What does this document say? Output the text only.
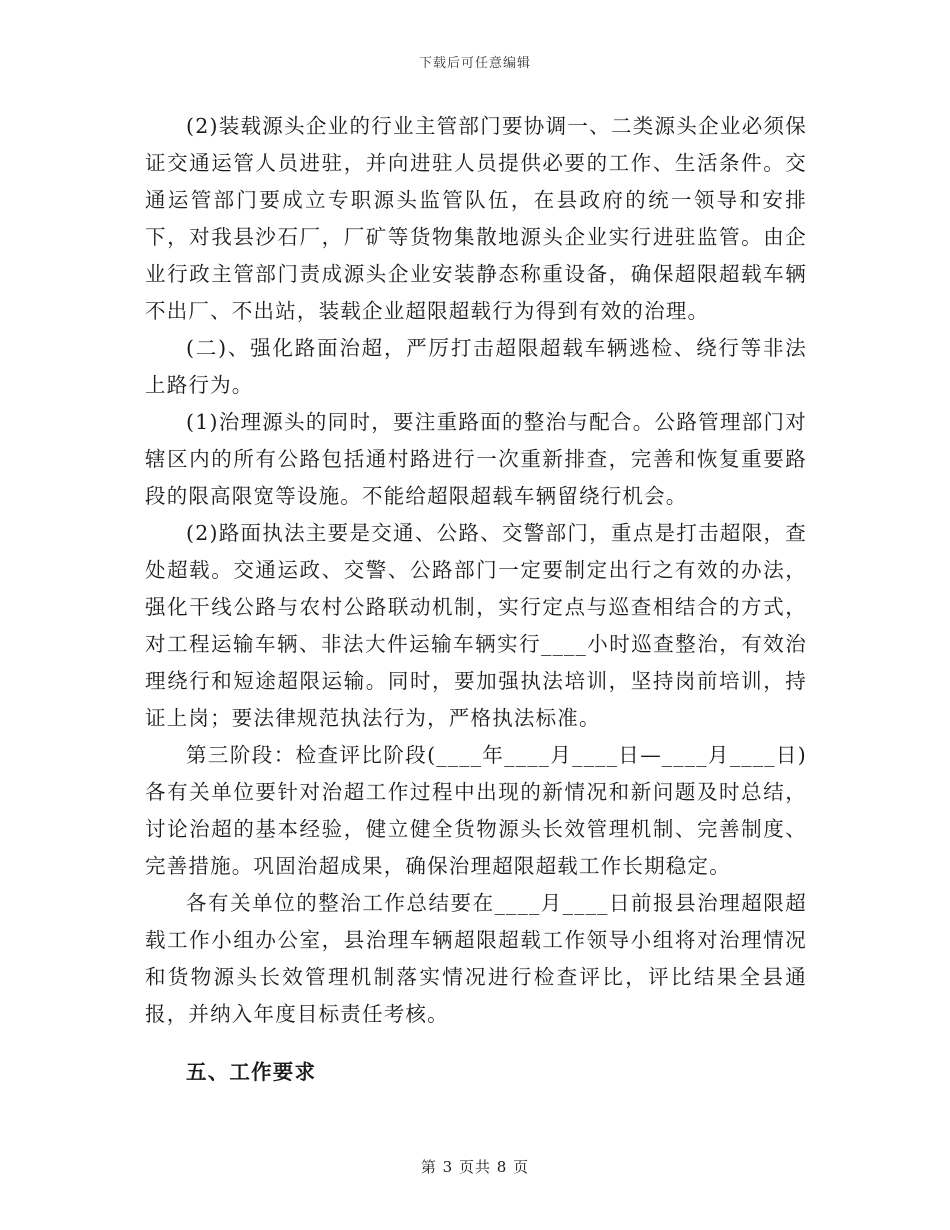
下载后可任意编辑

(2)装载源头企业的行业主管部门要协调一、二类源头企业必须保证交通运管人员进驻，并向进驻人员提供必要的工作、生活条件。交通运管部门要成立专职源头监管队伍，在县政府的统一领导和安排下，对我县沙石厂，厂矿等货物集散地源头企业实行进驻监管。由企业行政主管部门责成源头企业安装静态称重设备，确保超限超载车辆不出厂、不出站，装载企业超限超载行为得到有效的治理。

(二)、强化路面治超，严厉打击超限超载车辆逃检、绕行等非法上路行为。

(1)治理源头的同时，要注重路面的整治与配合。公路管理部门对辖区内的所有公路包括通村路进行一次重新排查，完善和恢复重要路段的限高限宽等设施。不能给超限超载车辆留绕行机会。

(2)路面执法主要是交通、公路、交警部门，重点是打击超限，查处超载。交通运政、交警、公路部门一定要制定出行之有效的办法，强化干线公路与农村公路联动机制，实行定点与巡查相结合的方式，对工程运输车辆、非法大件运输车辆实行____小时巡查整治，有效治理绕行和短途超限运输。同时，要加强执法培训，坚持岗前培训，持证上岗；要法律规范执法行为，严格执法标准。

第三阶段：检查评比阶段(____年____月____日—____月____日)各有关单位要针对治超工作过程中出现的新情况和新问题及时总结，讨论治超的基本经验，健立健全货物源头长效管理机制、完善制度、完善措施。巩固治超成果，确保治理超限超载工作长期稳定。

各有关单位的整治工作总结要在____月____日前报县治理超限超载工作小组办公室，县治理车辆超限超载工作领导小组将对治理情况和货物源头长效管理机制落实情况进行检查评比，评比结果全县通报，并纳入年度目标责任考核。

五、工作要求

第 3 页共 8 页
